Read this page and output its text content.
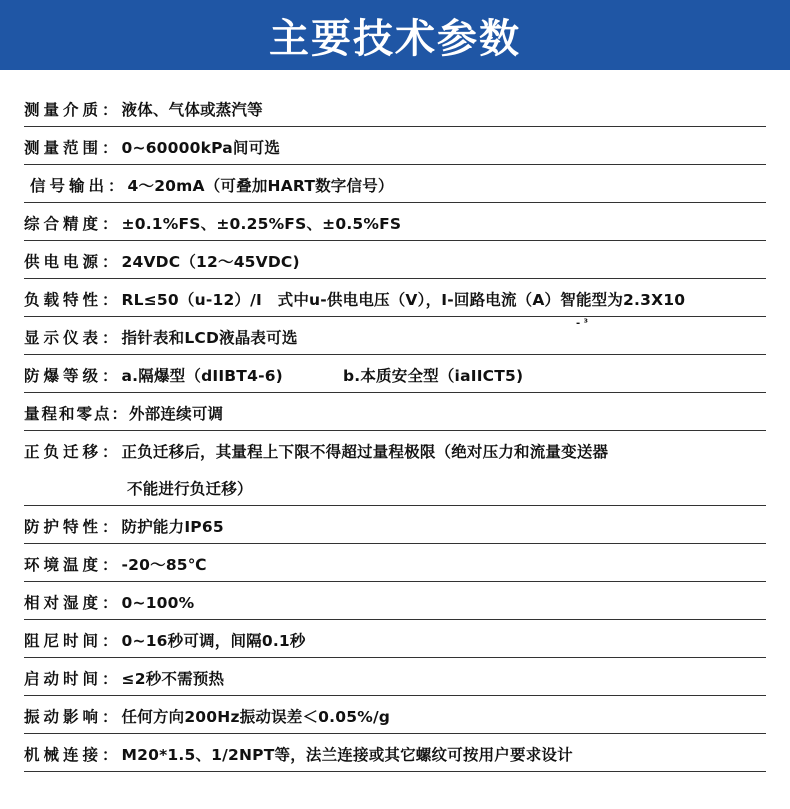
主要技术参数
测量介质：液体、气体或蒸汽等
测量范围：0~60000kPa间可选
信号输出：4～20mA（可叠加HART数字信号）
综合精度：±0.1%FS、±0.25%FS、±0.5%FS
供电电源：24VDC（12～45VDC)
负载特性：RL≤50（u-12）/I　式中u-供电电压（V），I-回路电流（A）智能型为2.3X10
- ³
显示仪表：指针表和LCD液晶表可选
防爆等级：a.隔爆型（dIIBT4-6)	b.本质安全型（iaIICT5)
量程和零点：外部连续可调
正负迁移：正负迁移后，其量程上下限不得超过量程极限（绝对压力和流量变送器
不能进行负迁移）
防护特性：防护能力IP65
环境温度：-20～85℃
相对湿度：0~100%
阻尼时间：0~16秒可调，间隔0.1秒
启动时间：≤2秒不需预热
振动影响：任何方向200Hz振动误差＜0.05%/g
机械连接：M20*1.5、1/2NPT等，法兰连接或其它螺纹可按用户要求设计
